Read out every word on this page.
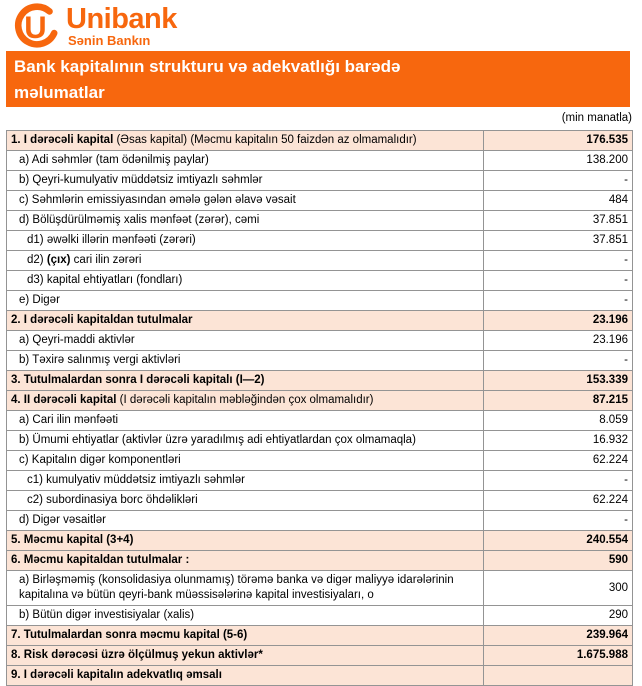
U Unibank
Sənin Bankın
Bank kapitalının strukturu və adekvatlığı barədə
məlumatlar
(min manatla)
1. I dərəcəli kapital (Əsas kapital) (Məcmu kapitalın 50 faizdən az olmamalıdır)	176.535
a) Adi səhmlər (tam ödənilmiş paylar)	138.200
b) Qeyri-kumulyativ müddətsiz imtiyazlı səhmlər	-
c) Səhmlərin emissiyasından əmələ gələn əlavə vəsait	484
d) Bölüşdürülməmiş xalis mənfəət (zərər), cəmi	37.851
d1) əwəlki illərin mənfəəti (zərəri)	37.851
d2) (çıx) cari ilin zərəri	-
d3) kapital ehtiyatları (fondları)	-
e) Digər	-
2. I dərəcəli kapitaldan tutulmalar	23.196
a) Qeyri-maddi aktivlər	23.196
b) Təxirə salınmış vergi aktivləri	-
3. Tutulmalardan sonra I dərəcəli kapitalı (I—2)	153.339
4. II dərəcəli kapital (I dərəcəli kapitalın məbləğindən çox olmamalıdır)	87.215
a) Cari ilin mənfəəti	8.059
b) Ümumi ehtiyatlar (aktivlər üzrə yaradılmış adi ehtiyatlardan çox olmamaqla)	16.932
c) Kapitalın digər komponentləri	62.224
c1) kumulyativ müddətsiz imtiyazlı səhmlər	-
c2) subordinasiya borc öhdəlikləri	62.224
d) Digər vəsaitlər	-
5. Məcmu kapital (3+4)	240.554
6. Məcmu kapitaldan tutulmalar :	590
a) Birləşməmiş (konsolidasiya olunmamış) törəmə banka və digər maliyyə idarələrinin kapitalına və bütün qeyri-bank müəssisələrinə kapital investisiyaları, o	300
b) Bütün digər investisiyalar (xalis)	290
7. Tutulmalardan sonra məcmu kapital (5-6)	239.964
8. Risk dərəcəsi üzrə ölçülmuş yekun aktivlər*	1.675.988
9. I dərəcəli kapitalın adekvatlıq əmsalı	
